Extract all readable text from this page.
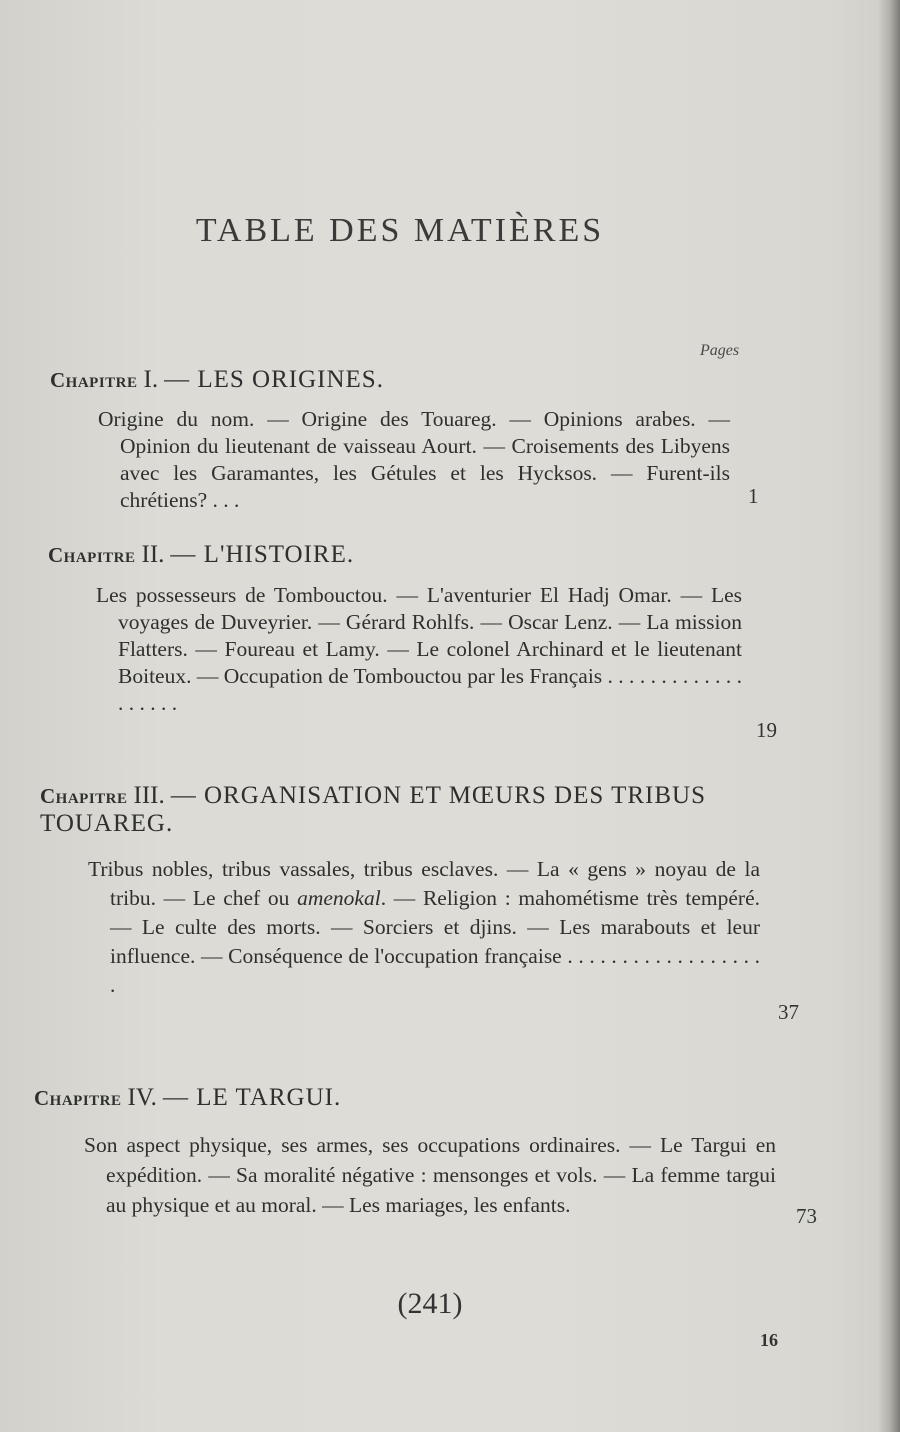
TABLE DES MATIÈRES
Pages
Chapitre I. — LES ORIGINES.
Origine du nom. — Origine des Touareg. — Opinions arabes. — Opinion du lieutenant de vaisseau Aourt. — Croisements des Libyens avec les Garamantes, les Gétules et les Hycksos. — Furent-ils chrétiens? . . .	1
Chapitre II. — L'HISTOIRE.
Les possesseurs de Tombouctou. — L'aventurier El Hadj Omar. — Les voyages de Duveyrier. — Gérard Rohlfs. — Oscar Lenz. — La mission Flatters. — Foureau et Lamy. — Le colonel Archinard et le lieutenant Boiteux. — Occupation de Tombouctou par les Français . . . . . . . . . . . . . . . . . . .
19
Chapitre III. — ORGANISATION ET MŒURS DES TRIBUS TOUAREG.
Tribus nobles, tribus vassales, tribus esclaves. — La « gens » noyau de la tribu. — Le chef ou amenokal. — Religion : mahométisme très tempéré. — Le culte des morts. — Sorciers et djins. — Les marabouts et leur influence. — Conséquence de l'occupation française . . . . . . . . . . . . . . . . . . .
37
Chapitre IV. — LE TARGUI.
Son aspect physique, ses armes, ses occupations ordinaires. — Le Targui en expédition. — Sa moralité négative : mensonges et vols. — La femme targui au physique et au moral. — Les mariages, les enfants.	73
(241)
16
